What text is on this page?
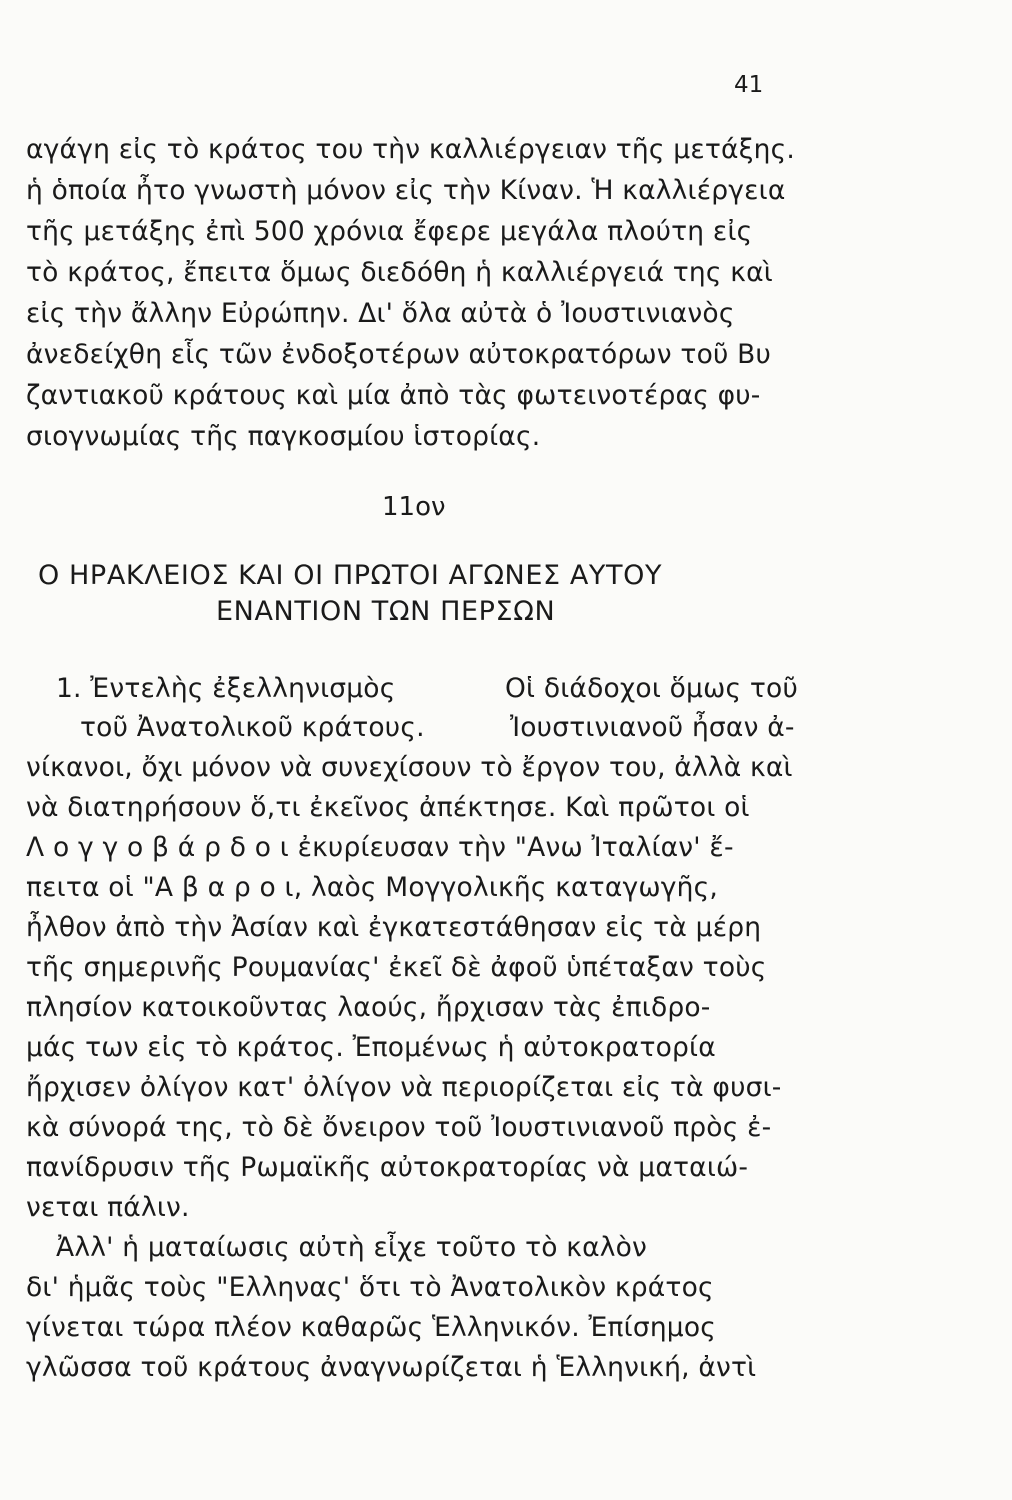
41
αγάγη εἰς τὸ κράτος του τὴν καλλιέργειαν τῆς μετάξης.
ἡ ὁποία ἦτο γνωστὴ μόνον εἰς τὴν Κίναν. Ἡ καλλιέργεια
τῆς μετάξης ἐπὶ 500 χρόνια ἔφερε μεγάλα πλούτη εἰς
τὸ κράτος, ἔπειτα ὅμως διεδόθη ἡ καλλιέργειά της καὶ
εἰς τὴν ἄλλην Εὐρώπην. Δι' ὅλα αὐτὰ ὁ Ἰουστινιανὸς
ἀνεδείχθη εἷς τῶν ἐνδοξοτέρων αὐτοκρατόρων τοῦ Βυ
ζαντιακοῦ κράτους καὶ μία ἀπὸ τὰς φωτεινοτέρας φυ-
σιογνωμίας τῆς παγκοσμίου ἱστορίας.
11ον
Ο ΗΡΑΚΛΕΙΟΣ ΚΑΙ ΟΙ ΠΡΩΤΟΙ ΑΓΩΝΕΣ ΑΥΤΟΥ
ΕΝΑΝΤΙΟΝ ΤΩΝ ΠΕΡΣΩΝ
1. Ἐντελὴς ἐξελληνισμὸς	Οἱ διάδοχοι ὅμως τοῦ
τοῦ Ἀνατολικοῦ κράτους.	Ἰουστινιανοῦ ἦσαν ἀ-
νίκανοι, ὄχι μόνον νὰ συνεχίσουν τὸ ἔργον του, ἀλλὰ καὶ
νὰ διατηρήσουν ὅ,τι ἐκεῖνος ἀπέκτησε. Καὶ πρῶτοι οἱ
Λ ο γ γ ο β ά ρ δ ο ι ἐκυρίευσαν τὴν "Ανω Ἰταλίαν' ἔ-
πειτα οἱ "Α β α ρ ο ι, λαὸς Μογγολικῆς καταγωγῆς,
ἦλθον ἀπὸ τὴν Ἀσίαν καὶ ἐγκατεστάθησαν εἰς τὰ μέρη
τῆς σημερινῆς Ρουμανίας' ἐκεῖ δὲ ἀφοῦ ὑπέταξαν τοὺς
πλησίον κατοικοῦντας λαούς, ἤρχισαν τὰς ἐπιδρο-
μάς των εἰς τὸ κράτος. Ἐπομένως ἡ αὐτοκρατορία
ἤρχισεν ὀλίγον κατ' ὀλίγον νὰ περιορίζεται εἰς τὰ φυσι-
κὰ σύνορά της, τὸ δὲ ὄνειρον τοῦ Ἰουστινιανοῦ πρὸς ἐ-
πανίδρυσιν τῆς Ρωμαϊκῆς αὐτοκρατορίας νὰ ματαιώ-
νεται πάλιν.
Ἀλλ' ἡ ματαίωσις αὐτὴ εἶχε τοῦτο τὸ καλὸν
δι' ἡμᾶς τοὺς "Ελληνας' ὅτι τὸ Ἀνατολικὸν κράτος
γίνεται τώρα πλέον καθαρῶς Ἑλληνικόν. Ἐπίσημος
γλῶσσα τοῦ κράτους ἀναγνωρίζεται ἡ Ἑλληνική, ἀντὶ
